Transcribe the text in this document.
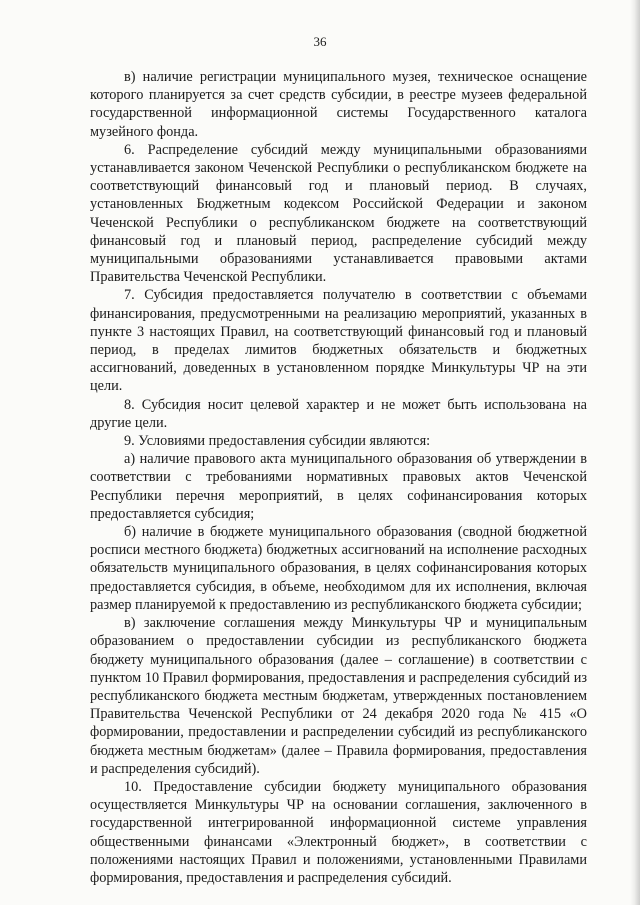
36

в) наличие регистрации муниципального музея, техническое оснащение которого планируется за счет средств субсидии, в реестре музеев федеральной государственной информационной системы Государственного каталога музейного фонда.

6. Распределение субсидий между муниципальными образованиями устанавливается законом Чеченской Республики о республиканском бюджете на соответствующий финансовый год и плановый период. В случаях, установленных Бюджетным кодексом Российской Федерации и законом Чеченской Республики о республиканском бюджете на соответствующий финансовый год и плановый период, распределение субсидий между муниципальными образованиями устанавливается правовыми актами Правительства Чеченской Республики.

7. Субсидия предоставляется получателю в соответствии с объемами финансирования, предусмотренными на реализацию мероприятий, указанных в пункте 3 настоящих Правил, на соответствующий финансовый год и плановый период, в пределах лимитов бюджетных обязательств и бюджетных ассигнований, доведенных в установленном порядке Минкультуры ЧР на эти цели.

8. Субсидия носит целевой характер и не может быть использована на другие цели.

9. Условиями предоставления субсидии являются:

а) наличие правового акта муниципального образования об утверждении в соответствии с требованиями нормативных правовых актов Чеченской Республики перечня мероприятий, в целях софинансирования которых предоставляется субсидия;

б) наличие в бюджете муниципального образования (сводной бюджетной росписи местного бюджета) бюджетных ассигнований на исполнение расходных обязательств муниципального образования, в целях софинансирования которых предоставляется субсидия, в объеме, необходимом для их исполнения, включая размер планируемой к предоставлению из республиканского бюджета субсидии;

в) заключение соглашения между Минкультуры ЧР и муниципальным образованием о предоставлении субсидии из республиканского бюджета бюджету муниципального образования (далее – соглашение) в соответствии с пунктом 10 Правил формирования, предоставления и распределения субсидий из республиканского бюджета местным бюджетам, утвержденных постановлением Правительства Чеченской Республики от 24 декабря 2020 года № 415 «О формировании, предоставлении и распределении субсидий из республиканского бюджета местным бюджетам» (далее – Правила формирования, предоставления и распределения субсидий).

10. Предоставление субсидии бюджету муниципального образования осуществляется Минкультуры ЧР на основании соглашения, заключенного в государственной интегрированной информационной системе управления общественными финансами «Электронный бюджет», в соответствии с положениями настоящих Правил и положениями, установленными Правилами формирования, предоставления и распределения субсидий.
